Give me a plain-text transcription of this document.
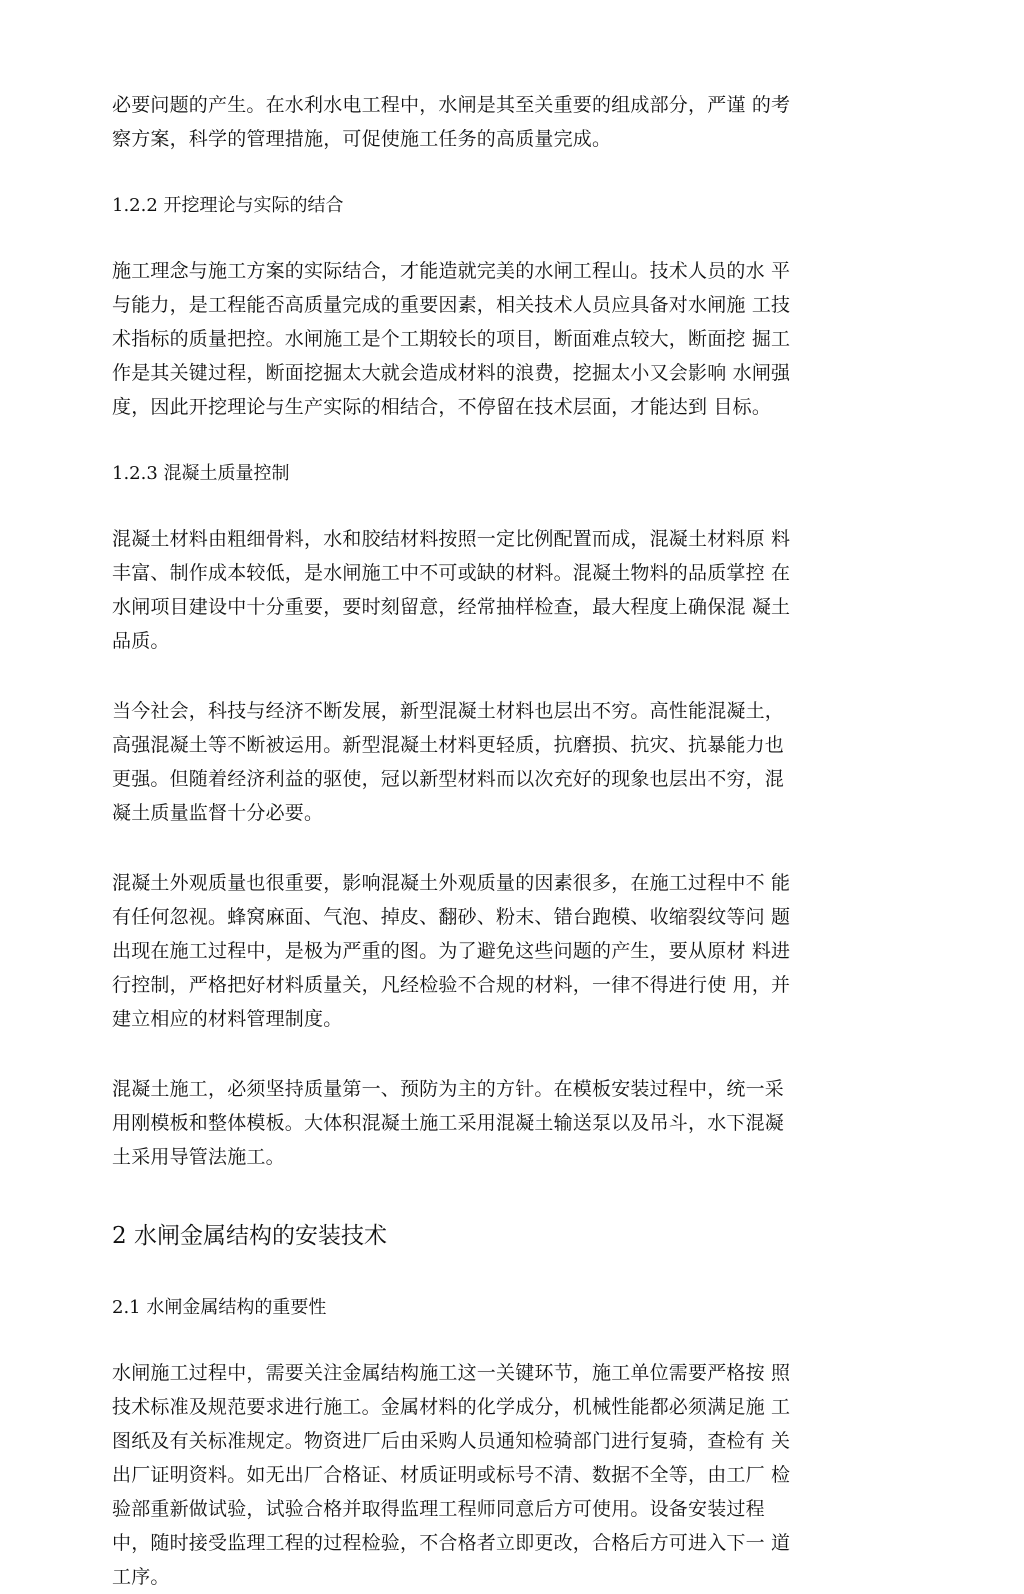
必要问题的产生。在水利水电工程中，水闸是其至关重要的组成部分，严谨 的考
察方案，科学的管理措施，可促使施工任务的高质量完成。
1.2.2 开挖理论与实际的结合
施工理念与施工方案的实际结合，才能造就完美的水闸工程山。技术人员的水 平
与能力，是工程能否高质量完成的重要因素，相关技术人员应具备对水闸施 工技
术指标的质量把控。水闸施工是个工期较长的项目，断面难点较大，断面挖 掘工
作是其关键过程，断面挖掘太大就会造成材料的浪费，挖掘太小又会影响 水闸强
度，因此开挖理论与生产实际的相结合，不停留在技术层面，才能达到 目标。
1.2.3 混凝土质量控制
混凝土材料由粗细骨料，水和胶结材料按照一定比例配置而成，混凝土材料原 料
丰富、制作成本较低，是水闸施工中不可或缺的材料。混凝土物料的品质掌控 在
水闸项目建设中十分重要，要时刻留意，经常抽样检查，最大程度上确保混 凝土
品质。
当今社会，科技与经济不断发展，新型混凝土材料也层出不穷。高性能混凝土，
高强混凝土等不断被运用。新型混凝土材料更轻质，抗磨损、抗灾、抗暴能力也
更强。但随着经济利益的驱使，冠以新型材料而以次充好的现象也层出不穷，混
凝土质量监督十分必要。
混凝土外观质量也很重要，影响混凝土外观质量的因素很多，在施工过程中不 能
有任何忽视。蜂窝麻面、气泡、掉皮、翻砂、粉末、错台跑模、收缩裂纹等问 题
出现在施工过程中，是极为严重的图。为了避免这些问题的产生，要从原材 料进
行控制，严格把好材料质量关，凡经检验不合规的材料，一律不得进行使 用，并
建立相应的材料管理制度。
混凝土施工，必须坚持质量第一、预防为主的方针。在模板安装过程中，统一采
用刚模板和整体模板。大体积混凝土施工采用混凝土输送泵以及吊斗，水下混凝
土采用导管法施工。
2 水闸金属结构的安装技术
2.1 水闸金属结构的重要性
水闸施工过程中，需要关注金属结构施工这一关键环节，施工单位需要严格按 照
技术标准及规范要求进行施工。金属材料的化学成分，机械性能都必须满足施 工
图纸及有关标准规定。物资进厂后由采购人员通知检骑部门进行复骑，查检有 关
出厂证明资料。如无出厂合格证、材质证明或标号不清、数据不全等，由工厂 检
验部重新做试验，试验合格并取得监理工程师同意后方可使用。设备安装过程
中，随时接受监理工程的过程检验，不合格者立即更改，合格后方可进入下一 道
工序。
